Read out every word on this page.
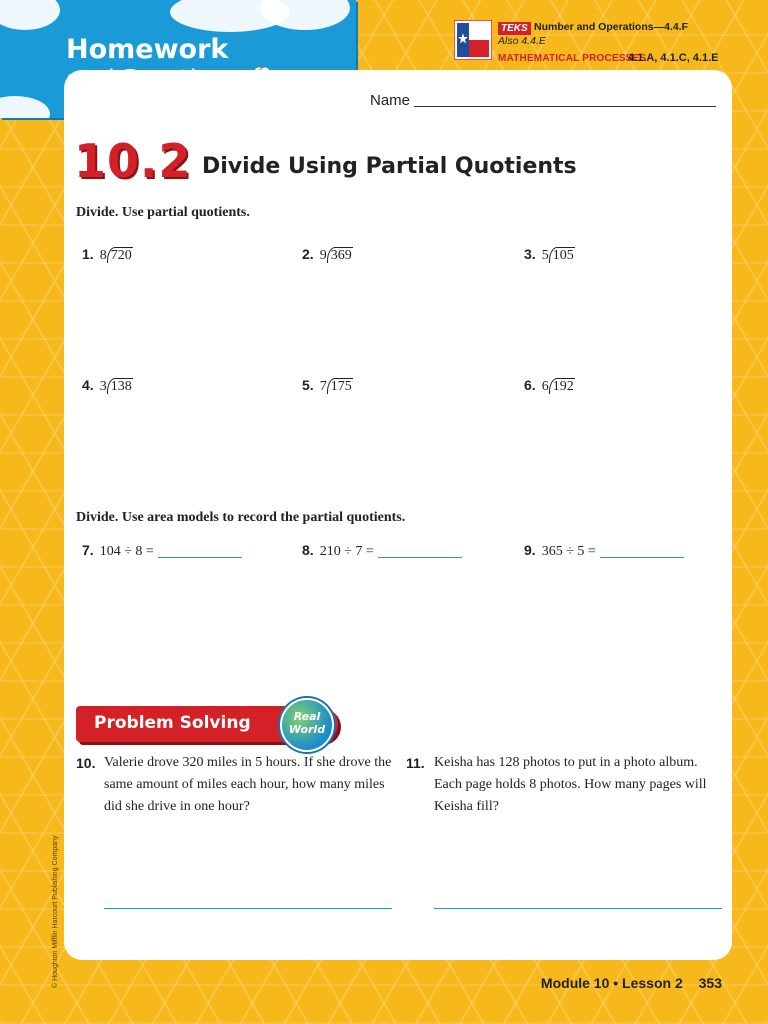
Homework
TEKS Number and Operations—4.4.F
Also 4.4.E
MATHEMATICAL PROCESSES
4.1.A, 4.1.C, 4.1.E
Name
10.2 Divide Using Partial Quotients
Divide. Use partial quotients.
1. 8 720	2. 9 369	3. 5 105
4. 3 138	5. 7 175	6. 6 192
Divide. Use area models to record the partial quotients.
7. 104 ÷ 8 =	8. 210 ÷ 7 =	9. 365 ÷ 5 =
Problem Solving	Real
World
10. Valerie drove 320 miles in 5 hours. If she drove the same amount of miles each hour, how many miles did she drive in one hour?
11. Keisha has 128 photos to put in a photo album. Each page holds 8 photos. How many pages will Keisha fill?
© Houghton Mifflin Harcourt Publishing Company	Module 10 • Lesson 2 353
